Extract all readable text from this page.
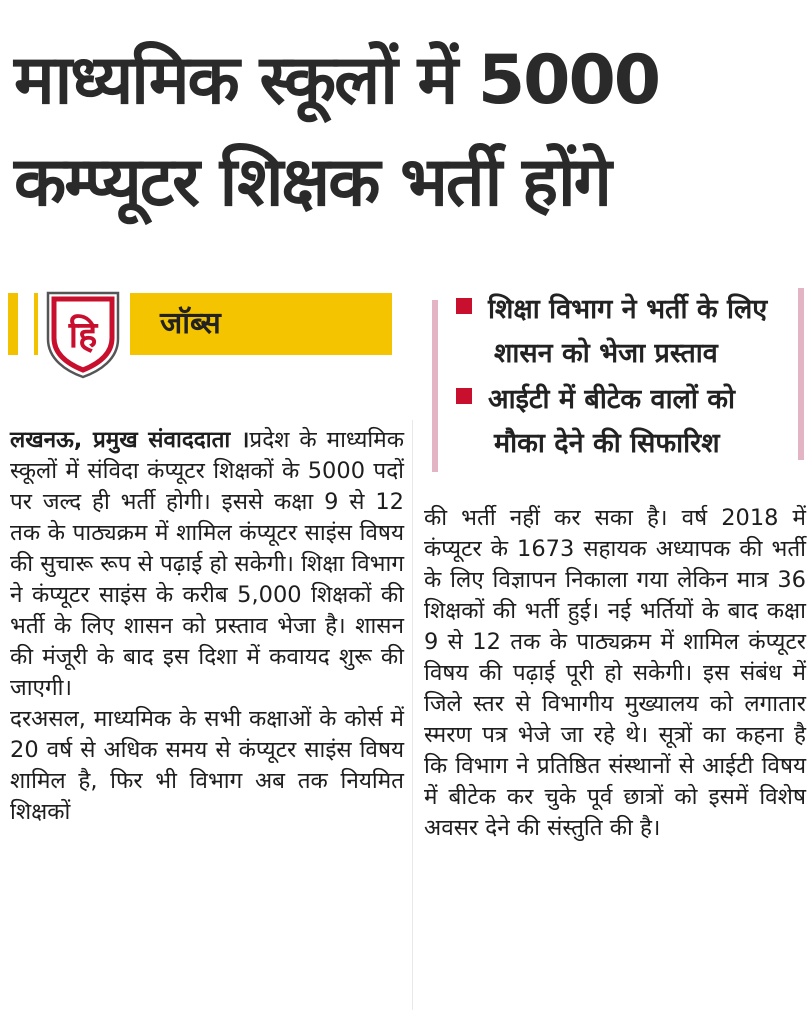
माध्यमिक स्कूलों में 5000
कम्प्यूटर शिक्षक भर्ती होंगे
हि जॉब्स	शिक्षा विभाग ने भर्ती के लिए
शासन को भेजा प्रस्ताव
आईटी में बीटेक वालों को
मौका देने की सिफारिश

लखनऊ, प्रमुख संवाददाता ।प्रदेश के माध्यमिक स्कूलों में संविदा कंप्यूटर शिक्षकों के 5000 पदों पर जल्द ही भर्ती होगी। इससे कक्षा 9 से 12 तक के पाठ्यक्रम में शामिल कंप्यूटर साइंस विषय की सुचारू रूप से पढ़ाई हो सकेगी। शिक्षा विभाग ने कंप्यूटर साइंस के करीब 5,000 शिक्षकों की भर्ती के लिए शासन को प्रस्ताव भेजा है। शासन की मंजूरी के बाद इस दिशा में कवायद शुरू की जाएगी।

दरअसल, माध्यमिक के सभी कक्षाओं के कोर्स में 20 वर्ष से अधिक समय से कंप्यूटर साइंस विषय शामिल है, फिर भी विभाग अब तक नियमित शिक्षकों

की भर्ती नहीं कर सका है। वर्ष 2018 में कंप्यूटर के 1673 सहायक अध्यापक की भर्ती के लिए विज्ञापन निकाला गया लेकिन मात्र 36 शिक्षकों की भर्ती हुई। नई भर्तियों के बाद कक्षा 9 से 12 तक के पाठ्यक्रम में शामिल कंप्यूटर विषय की पढ़ाई पूरी हो सकेगी। इस संबंध में जिले स्तर से विभागीय मुख्यालय को लगातार स्मरण पत्र भेजे जा रहे थे। सूत्रों का कहना है कि विभाग ने प्रतिष्ठित संस्थानों से आईटी विषय में बीटेक कर चुके पूर्व छात्रों को इसमें विशेष अवसर देने की संस्तुति की है।
